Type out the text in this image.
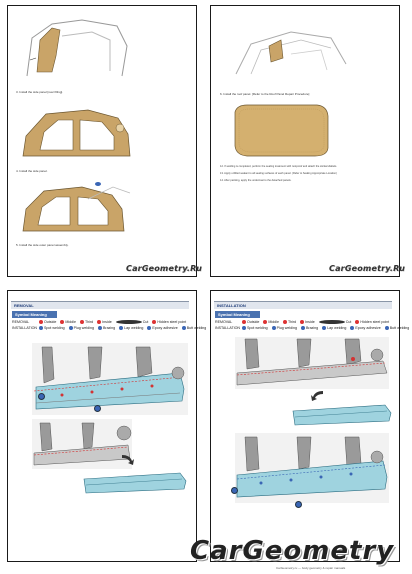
3. Install the side panel [rear filling].
4. Install the side panel.
5. Install the side outer panel assembly.
CarGeometry.Ru
6. Install the roof panel. [Refer to the Roof Panel Repair Procedure]
12. If welding is completed, perform the sealing treatment with rustproof and attach the stickers/labels.
13. Apply unfilled sealant to all sealing surfaces of each panel. (Refer to Sealing Appropriate Location)
14. After painting, apply the undercoat to the detached panels.
CarGeometry.Ru
REMOVAL
Symbol Meaning
REMOVAL	Outside	Middle	Third	Inside	Cut	Hidden steel point
INSTALLATION Spot welding	Plug welding	Brazing	Lap welding	Epoxy adhesive	Butt welding
INSTALLATION
Symbol Meaning
REMOVAL	Outside	Middle	Third	Inside	Cut	Hidden steel point
INSTALLATION Spot welding	Plug welding	Brazing	Lap welding	Epoxy adhesive	Butt welding
CarGeometry
CarGeometry.ru — body geometry & repair manuals
